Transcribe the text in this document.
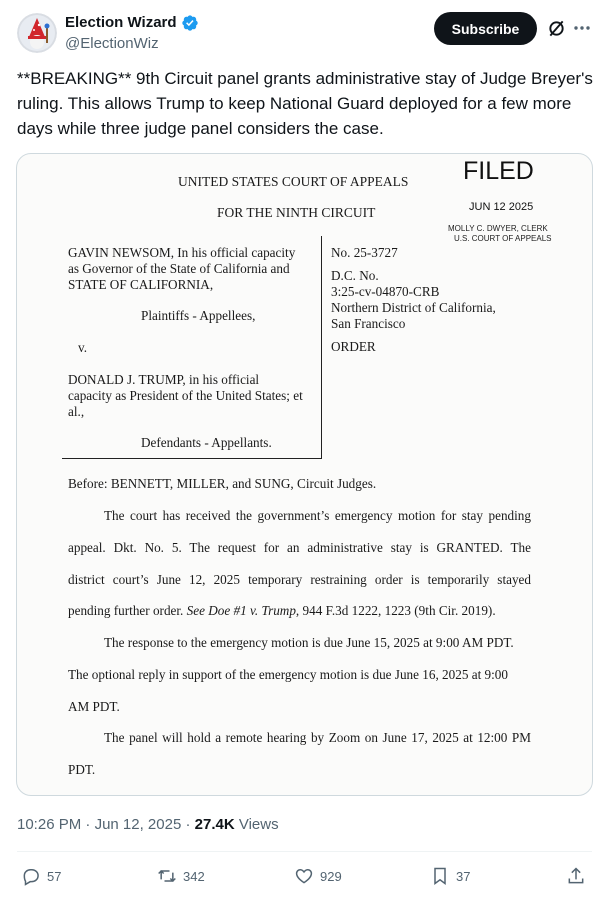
Election Wizard
@ElectionWiz
Subscribe
**BREAKING** 9th Circuit panel grants administrative stay of Judge Breyer's ruling. This allows Trump to keep National Guard deployed for a few more days while three judge panel considers the case.
UNITED STATES COURT OF APPEALS
FOR THE NINTH CIRCUIT
FILED
JUN 12 2025
MOLLY C. DWYER, CLERK
U.S. COURT OF APPEALS
GAVIN NEWSOM, In his official capacity
as Governor of the State of California and
STATE OF CALIFORNIA,
Plaintiffs - Appellees,
v.
DONALD J. TRUMP, in his official
capacity as President of the United States; et
al.,
Defendants - Appellants.
No. 25-3727
D.C. No.
3:25-cv-04870-CRB
Northern District of California,
San Francisco
ORDER
Before: BENNETT, MILLER, and SUNG, Circuit Judges.
The court has received the government’s emergency motion for stay pending
appeal. Dkt. No. 5. The request for an administrative stay is GRANTED. The
district court’s June 12, 2025 temporary restraining order is temporarily stayed
pending further order. See Doe #1 v. Trump, 944 F.3d 1222, 1223 (9th Cir. 2019).
The response to the emergency motion is due June 15, 2025 at 9:00 AM PDT.
The optional reply in support of the emergency motion is due June 16, 2025 at 9:00
AM PDT.
The panel will hold a remote hearing by Zoom on June 17, 2025 at 12:00 PM
PDT.
10:26 PM · Jun 12, 2025 · 27.4K Views
57	342	929	37
